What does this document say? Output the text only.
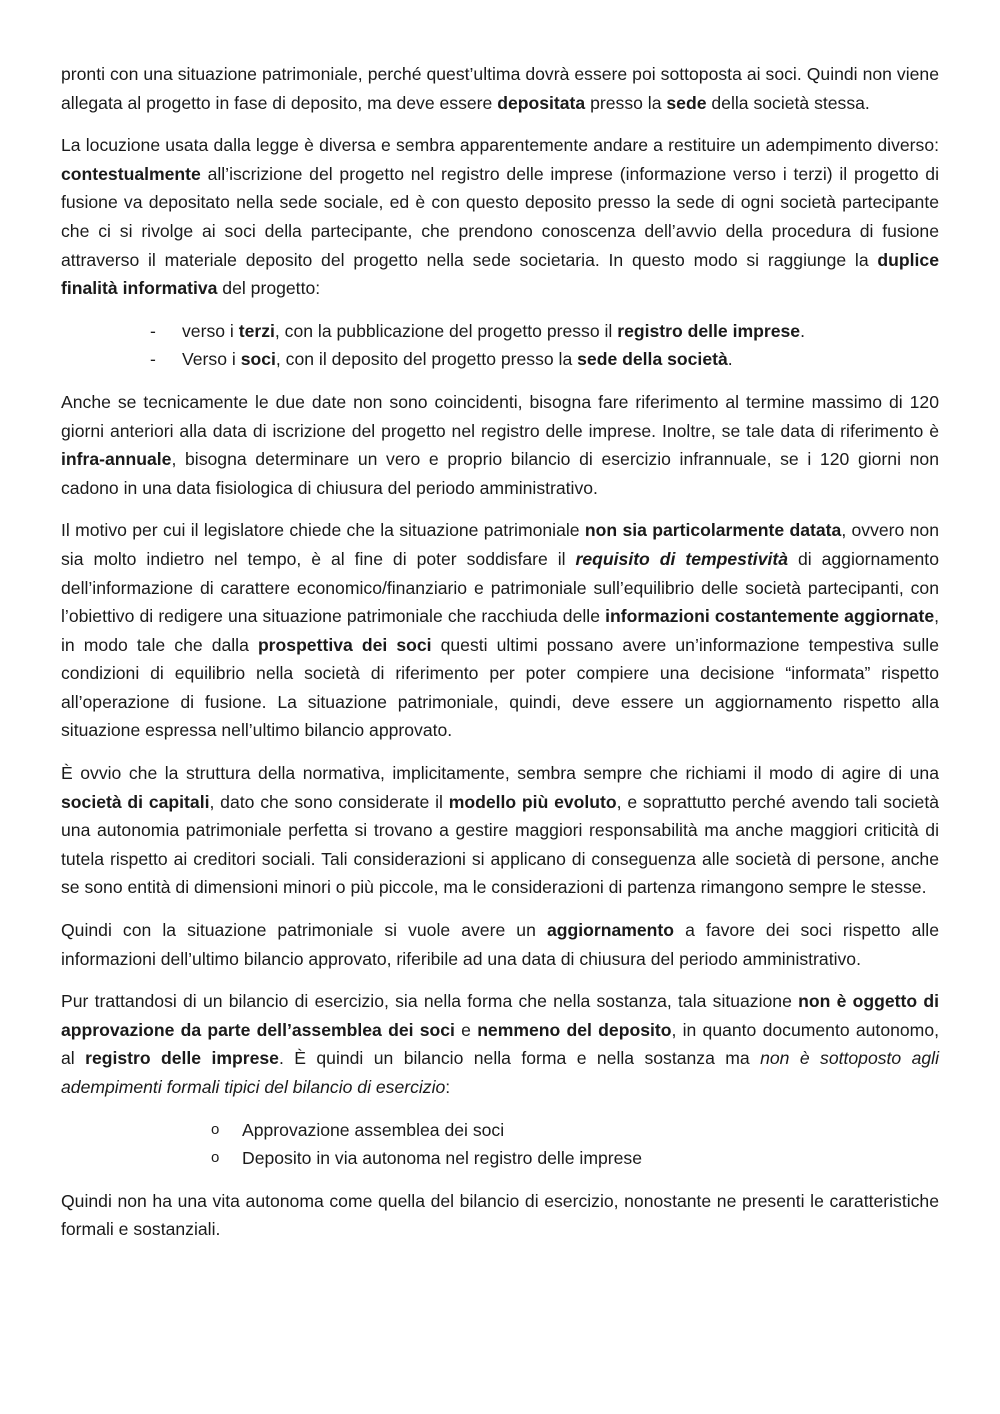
pronti con una situazione patrimoniale, perché quest’ultima dovrà essere poi sottoposta ai soci. Quindi non viene allegata al progetto in fase di deposito, ma deve essere depositata presso la sede della società stessa.

La locuzione usata dalla legge è diversa e sembra apparentemente andare a restituire un adempimento diverso: contestualmente all’iscrizione del progetto nel registro delle imprese (informazione verso i terzi) il progetto di fusione va depositato nella sede sociale, ed è con questo deposito presso la sede di ogni società partecipante che ci si rivolge ai soci della partecipante, che prendono conoscenza dell’avvio della procedura di fusione attraverso il materiale deposito del progetto nella sede societaria. In questo modo si raggiunge la duplice finalità informativa del progetto:

- verso i terzi, con la pubblicazione del progetto presso il registro delle imprese.
- Verso i soci, con il deposito del progetto presso la sede della società.

Anche se tecnicamente le due date non sono coincidenti, bisogna fare riferimento al termine massimo di 120 giorni anteriori alla data di iscrizione del progetto nel registro delle imprese. Inoltre, se tale data di riferimento è infra-annuale, bisogna determinare un vero e proprio bilancio di esercizio infrannuale, se i 120 giorni non cadono in una data fisiologica di chiusura del periodo amministrativo.

Il motivo per cui il legislatore chiede che la situazione patrimoniale non sia particolarmente datata, ovvero non sia molto indietro nel tempo, è al fine di poter soddisfare il requisito di tempestività di aggiornamento dell’informazione di carattere economico/finanziario e patrimoniale sull’equilibrio delle società partecipanti, con l’obiettivo di redigere una situazione patrimoniale che racchiuda delle informazioni costantemente aggiornate, in modo tale che dalla prospettiva dei soci questi ultimi possano avere un’informazione tempestiva sulle condizioni di equilibrio nella società di riferimento per poter compiere una decisione “informata” rispetto all’operazione di fusione. La situazione patrimoniale, quindi, deve essere un aggiornamento rispetto alla situazione espressa nell’ultimo bilancio approvato.

È ovvio che la struttura della normativa, implicitamente, sembra sempre che richiami il modo di agire di una società di capitali, dato che sono considerate il modello più evoluto, e soprattutto perché avendo tali società una autonomia patrimoniale perfetta si trovano a gestire maggiori responsabilità ma anche maggiori criticità di tutela rispetto ai creditori sociali. Tali considerazioni si applicano di conseguenza alle società di persone, anche se sono entità di dimensioni minori o più piccole, ma le considerazioni di partenza rimangono sempre le stesse.

Quindi con la situazione patrimoniale si vuole avere un aggiornamento a favore dei soci rispetto alle informazioni dell’ultimo bilancio approvato, riferibile ad una data di chiusura del periodo amministrativo.

Pur trattandosi di un bilancio di esercizio, sia nella forma che nella sostanza, tala situazione non è oggetto di approvazione da parte dell’assemblea dei soci e nemmeno del deposito, in quanto documento autonomo, al registro delle imprese. È quindi un bilancio nella forma e nella sostanza ma non è sottoposto agli adempimenti formali tipici del bilancio di esercizio:

o Approvazione assemblea dei soci
o Deposito in via autonoma nel registro delle imprese

Quindi non ha una vita autonoma come quella del bilancio di esercizio, nonostante ne presenti le caratteristiche formali e sostanziali.
